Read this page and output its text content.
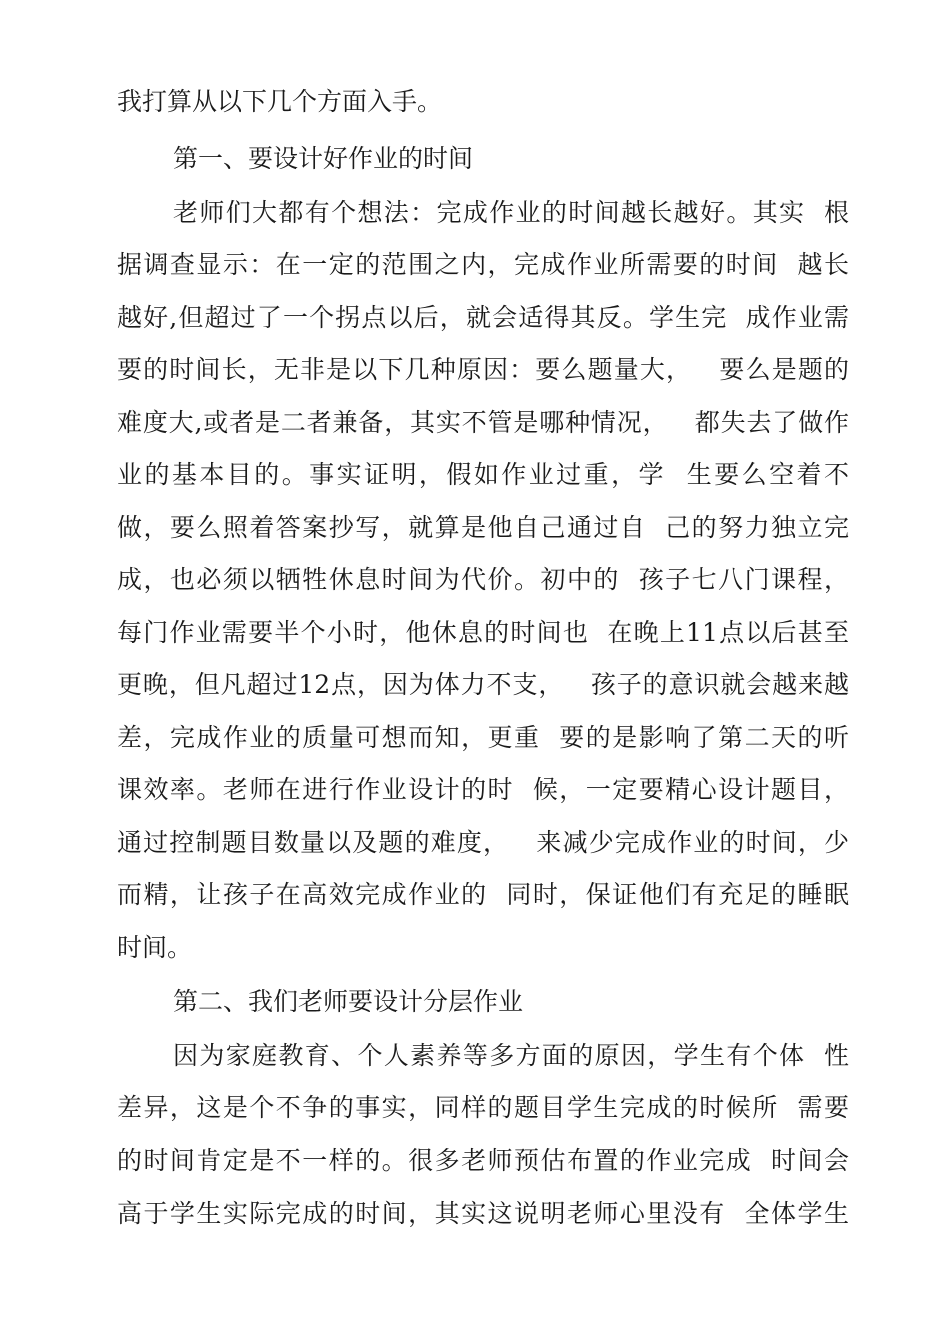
我打算从以下几个方面入手。
第一、要设计好作业的时间
老师们大都有个想法：完成作业的时间越长越好。其实  根
据调查显示：在一定的范围之内，完成作业所需要的时间  越长
越好,但超过了一个拐点以后，就会适得其反。学生完  成作业需
要的时间长，无非是以下几种原因：要么题量大，   要么是题的
难度大,或者是二者兼备，其实不管是哪种情况，   都失去了做作
业的基本目的。事实证明，假如作业过重，学  生要么空着不
做，要么照着答案抄写，就算是他自己通过自  己的努力独立完
成，也必须以牺牲休息时间为代价。初中的  孩子七八门课程，
每门作业需要半个小时，他休息的时间也  在晚上11点以后甚至
更晚，但凡超过12点，因为体力不支，   孩子的意识就会越来越
差，完成作业的质量可想而知，更重  要的是影响了第二天的听
课效率。老师在进行作业设计的时  候，一定要精心设计题目，
通过控制题目数量以及题的难度，   来减少完成作业的时间，少
而精，让孩子在高效完成作业的  同时，保证他们有充足的睡眠
时间。
第二、我们老师要设计分层作业
因为家庭教育、个人素养等多方面的原因，学生有个体  性
差异，这是个不争的事实，同样的题目学生完成的时候所  需要
的时间肯定是不一样的。很多老师预估布置的作业完成  时间会
高于学生实际完成的时间，其实这说明老师心里没有  全体学生
